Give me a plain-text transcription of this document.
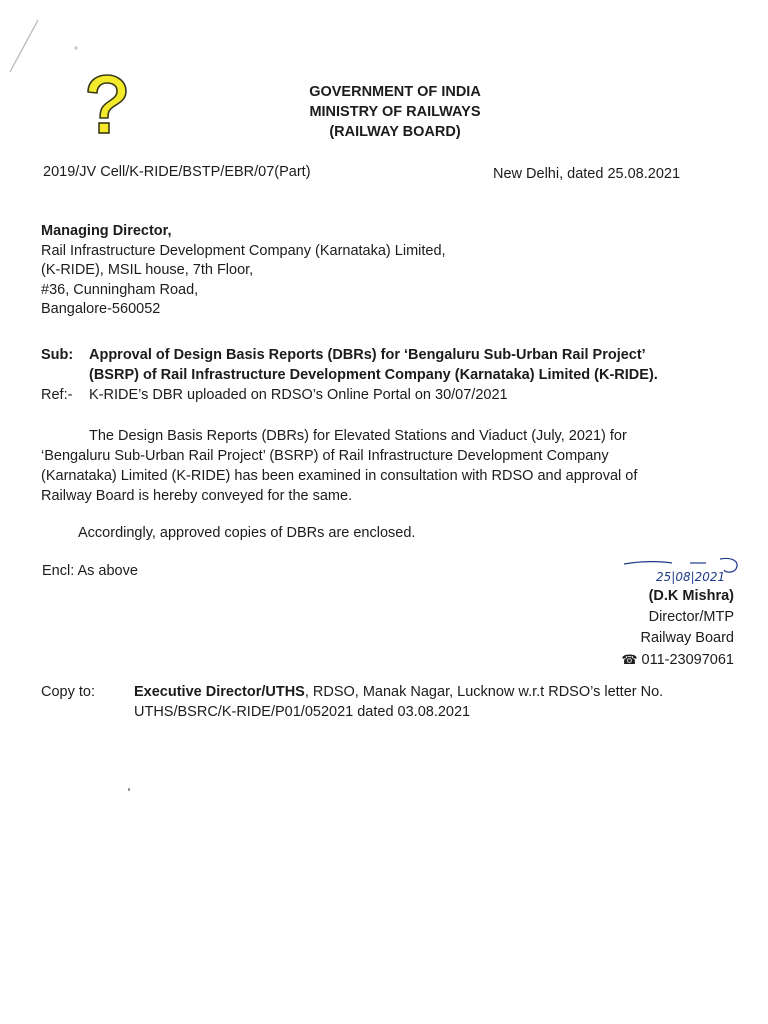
GOVERNMENT OF INDIA
MINISTRY OF RAILWAYS
(RAILWAY BOARD)
2019/JV Cell/K-RIDE/BSTP/EBR/07(Part)	New Delhi, dated 25.08.2021
Managing Director,
Rail Infrastructure Development Company (Karnataka) Limited,
(K-RIDE), MSIL house, 7th Floor,
#36, Cunningham Road,
Bangalore-560052
Sub: Approval of Design Basis Reports (DBRs) for ‘Bengaluru Sub-Urban Rail Project’
(BSRP) of Rail Infrastructure Development Company (Karnataka) Limited (K-RIDE).
Ref:- K-RIDE’s DBR uploaded on RDSO’s Online Portal on 30/07/2021
The Design Basis Reports (DBRs) for Elevated Stations and Viaduct (July, 2021) for
‘Bengaluru Sub-Urban Rail Project’ (BSRP) of Rail Infrastructure Development Company
(Karnataka) Limited (K-RIDE) has been examined in consultation with RDSO and approval of
Railway Board is hereby conveyed for the same.
Accordingly, approved copies of DBRs are enclosed.
Encl: As above	25|08|2021
(D.K Mishra)
Director/MTP
Railway Board
☎ 011-23097061
Copy to:	Executive Director/UTHS, RDSO, Manak Nagar, Lucknow w.r.t RDSO’s letter No.
UTHS/BSRC/K-RIDE/P01/052021 dated 03.08.2021
